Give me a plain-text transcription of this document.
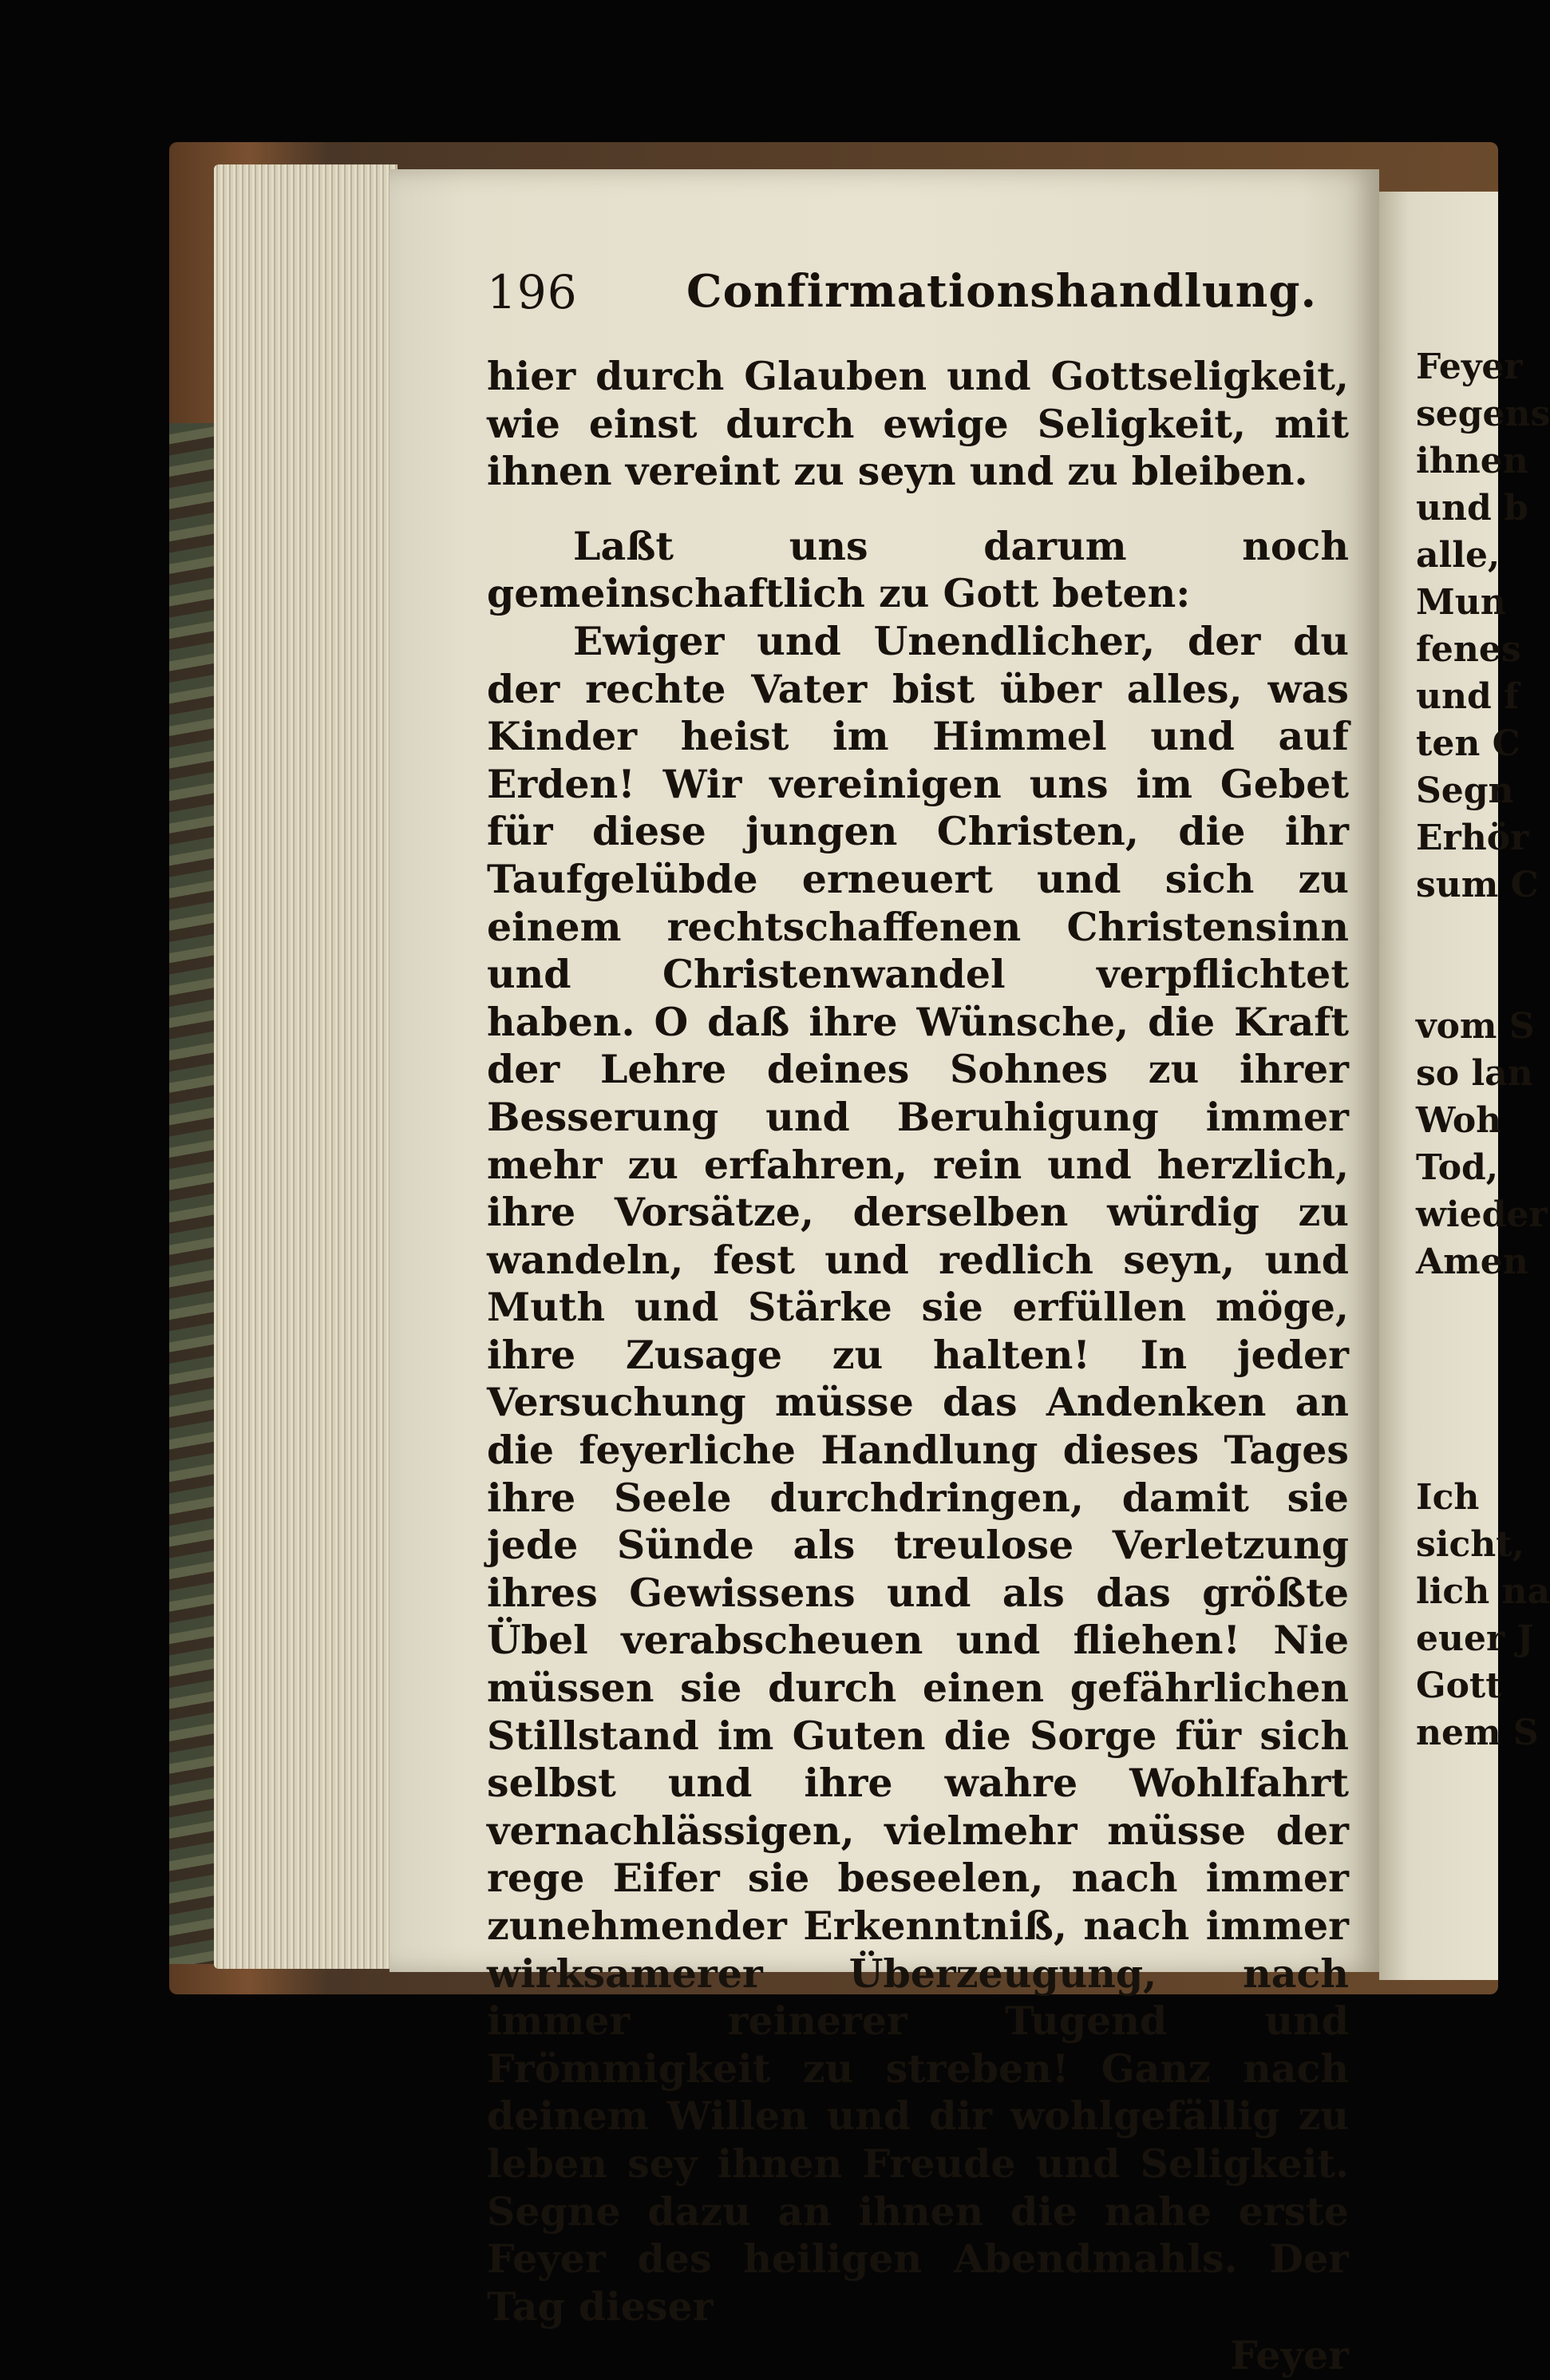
196 Confirmationshandlung.

hier durch Glauben und Gottseligkeit, wie einst durch ewige Seligkeit, mit ihnen vereint zu seyn und zu bleiben.

Laßt uns darum noch gemeinschaftlich zu Gott beten:

Ewiger und Unendlicher, der du der rechte Vater bist über alles, was Kinder heist im Himmel und auf Erden! Wir vereinigen uns im Gebet für diese jungen Christen, die ihr Taufgelübde erneuert und sich zu einem rechtschaffenen Christensinn und Christenwandel verpflichtet haben. O daß ihre Wünsche, die Kraft der Lehre deines Sohnes zu ihrer Besserung und Beruhigung immer mehr zu erfahren, rein und herzlich, ihre Vorsätze, derselben würdig zu wandeln, fest und redlich seyn, und Muth und Stärke sie erfüllen möge, ihre Zusage zu halten! In jeder Versuchung müsse das Andenken an die feyerliche Handlung dieses Tages ihre Seele durchdringen, damit sie jede Sünde als treulose Verletzung ihres Gewissens und als das größte Übel verabscheuen und fliehen! Nie müssen sie durch einen gefährlichen Stillstand im Guten die Sorge für sich selbst und ihre wahre Wohlfahrt vernachlässigen, vielmehr müsse der rege Eifer sie beseelen, nach immer zunehmender Erkenntniß, nach immer wirksamerer Überzeugung, nach immer reinerer Tugend und Frömmigkeit zu streben! Ganz nach deinem Willen und dir wohlgefällig zu leben sey ihnen Freude und Seligkeit. Segne dazu an ihnen die nahe erste Feyer des heiligen Abendmahls. Der Tag dieser

Feyer
Feyer
segens
ihnen
und b
alle,
Mun
fenes
und f
ten C
Segn
Erhör
sum C
vom S
so lan
Woh
Tod,
wieder
Amen
Ich
sicht,
lich na
euer J
Gott
nem S
